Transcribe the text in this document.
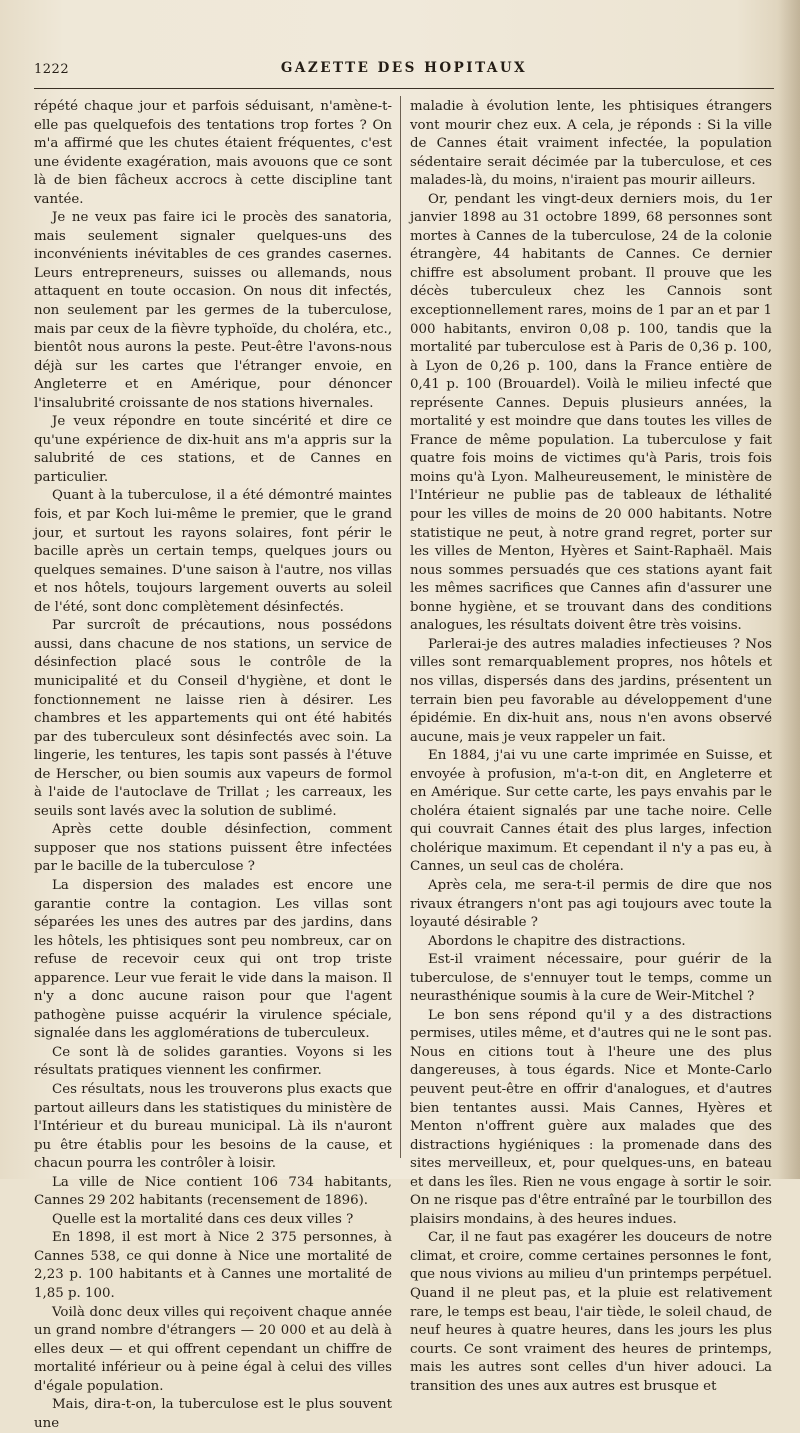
1222	GAZETTE DES HOPITAUX

répété chaque jour et parfois séduisant, n'amène-t-elle pas quelquefois des tentations trop fortes ? On m'a affirmé que les chutes étaient fréquentes, c'est une évidente exagération, mais avouons que ce sont là de bien fâcheux accrocs à cette discipline tant vantée.

Je ne veux pas faire ici le procès des sanatoria, mais seulement signaler quelques-uns des inconvénients inévitables de ces grandes casernes. Leurs entrepreneurs, suisses ou allemands, nous attaquent en toute occasion. On nous dit infectés, non seulement par les germes de la tuberculose, mais par ceux de la fièvre typhoïde, du choléra, etc., bientôt nous aurons la peste. Peut-être l'avons-nous déjà sur les cartes que l'étranger envoie, en Angleterre et en Amérique, pour dénoncer l'insalubrité croissante de nos stations hivernales.

Je veux répondre en toute sincérité et dire ce qu'une expérience de dix-huit ans m'a appris sur la salubrité de ces stations, et de Cannes en particulier.

Quant à la tuberculose, il a été démontré maintes fois, et par Koch lui-même le premier, que le grand jour, et surtout les rayons solaires, font périr le bacille après un certain temps, quelques jours ou quelques semaines. D'une saison à l'autre, nos villas et nos hôtels, toujours largement ouverts au soleil de l'été, sont donc complètement désinfectés.

Par surcroît de précautions, nous possédons aussi, dans chacune de nos stations, un service de désinfection placé sous le contrôle de la municipalité et du Conseil d'hygiène, et dont le fonctionnement ne laisse rien à désirer. Les chambres et les appartements qui ont été habités par des tuberculeux sont désinfectés avec soin. La lingerie, les tentures, les tapis sont passés à l'étuve de Herscher, ou bien soumis aux vapeurs de formol à l'aide de l'autoclave de Trillat ; les carreaux, les seuils sont lavés avec la solution de sublimé.

Après cette double désinfection, comment supposer que nos stations puissent être infectées par le bacille de la tuberculose ?

La dispersion des malades est encore une garantie contre la contagion. Les villas sont séparées les unes des autres par des jardins, dans les hôtels, les phtisiques sont peu nombreux, car on refuse de recevoir ceux qui ont trop triste apparence. Leur vue ferait le vide dans la maison. Il n'y a donc aucune raison pour que l'agent pathogène puisse acquérir la virulence spéciale, signalée dans les agglomérations de tuberculeux.

Ce sont là de solides garanties. Voyons si les résultats pratiques viennent les confirmer.

Ces résultats, nous les trouverons plus exacts que partout ailleurs dans les statistiques du ministère de l'Intérieur et du bureau municipal. Là ils n'auront pu être établis pour les besoins de la cause, et chacun pourra les contrôler à loisir.

La ville de Nice contient 106 734 habitants, Cannes 29 202 habitants (recensement de 1896).

Quelle est la mortalité dans ces deux villes ?

En 1898, il est mort à Nice 2 375 personnes, à Cannes 538, ce qui donne à Nice une mortalité de 2,23 p. 100 habitants et à Cannes une mortalité de 1,85 p. 100.

Voilà donc deux villes qui reçoivent chaque année un grand nombre d'étrangers — 20 000 et au delà à elles deux — et qui offrent cependant un chiffre de mortalité inférieur ou à peine égal à celui des villes d'égale population.

Mais, dira-t-on, la tuberculose est le plus souvent une

maladie à évolution lente, les phtisiques étrangers vont mourir chez eux. A cela, je réponds : Si la ville de Cannes était vraiment infectée, la population sédentaire serait décimée par la tuberculose, et ces malades-là, du moins, n'iraient pas mourir ailleurs.

Or, pendant les vingt-deux derniers mois, du 1er janvier 1898 au 31 octobre 1899, 68 personnes sont mortes à Cannes de la tuberculose, 24 de la colonie étrangère, 44 habitants de Cannes. Ce dernier chiffre est absolument probant. Il prouve que les décès tuberculeux chez les Cannois sont exceptionnellement rares, moins de 1 par an et par 1 000 habitants, environ 0,08 p. 100, tandis que la mortalité par tuberculose est à Paris de 0,36 p. 100, à Lyon de 0,26 p. 100, dans la France entière de 0,41 p. 100 (Brouardel). Voilà le milieu infecté que représente Cannes. Depuis plusieurs années, la mortalité y est moindre que dans toutes les villes de France de même population. La tuberculose y fait quatre fois moins de victimes qu'à Paris, trois fois moins qu'à Lyon. Malheureusement, le ministère de l'Intérieur ne publie pas de tableaux de léthalité pour les villes de moins de 20 000 habitants. Notre statistique ne peut, à notre grand regret, porter sur les villes de Menton, Hyères et Saint-Raphaël. Mais nous sommes persuadés que ces stations ayant fait les mêmes sacrifices que Cannes afin d'assurer une bonne hygiène, et se trouvant dans des conditions analogues, les résultats doivent être très voisins.

Parlerai-je des autres maladies infectieuses ? Nos villes sont remarquablement propres, nos hôtels et nos villas, dispersés dans des jardins, présentent un terrain bien peu favorable au développement d'une épidémie. En dix-huit ans, nous n'en avons observé aucune, mais je veux rappeler un fait.

En 1884, j'ai vu une carte imprimée en Suisse, et envoyée à profusion, m'a-t-on dit, en Angleterre et en Amérique. Sur cette carte, les pays envahis par le choléra étaient signalés par une tache noire. Celle qui couvrait Cannes était des plus larges, infection cholérique maximum. Et cependant il n'y a pas eu, à Cannes, un seul cas de choléra.

Après cela, me sera-t-il permis de dire que nos rivaux étrangers n'ont pas agi toujours avec toute la loyauté désirable ?

Abordons le chapitre des distractions.

Est-il vraiment nécessaire, pour guérir de la tuberculose, de s'ennuyer tout le temps, comme un neurasthénique soumis à la cure de Weir-Mitchel ?

Le bon sens répond qu'il y a des distractions permises, utiles même, et d'autres qui ne le sont pas. Nous en citions tout à l'heure une des plus dangereuses, à tous égards. Nice et Monte-Carlo peuvent peut-être en offrir d'analogues, et d'autres bien tentantes aussi. Mais Cannes, Hyères et Menton n'offrent guère aux malades que des distractions hygiéniques : la promenade dans des sites merveilleux, et, pour quelques-uns, en bateau et dans les îles. Rien ne vous engage à sortir le soir. On ne risque pas d'être entraîné par le tourbillon des plaisirs mondains, à des heures indues.

Car, il ne faut pas exagérer les douceurs de notre climat, et croire, comme certaines personnes le font, que nous vivions au milieu d'un printemps perpétuel. Quand il ne pleut pas, et la pluie est relativement rare, le temps est beau, l'air tiède, le soleil chaud, de neuf heures à quatre heures, dans les jours les plus courts. Ce sont vraiment des heures de printemps, mais les autres sont celles d'un hiver adouci. La transition des unes aux autres est brusque et
